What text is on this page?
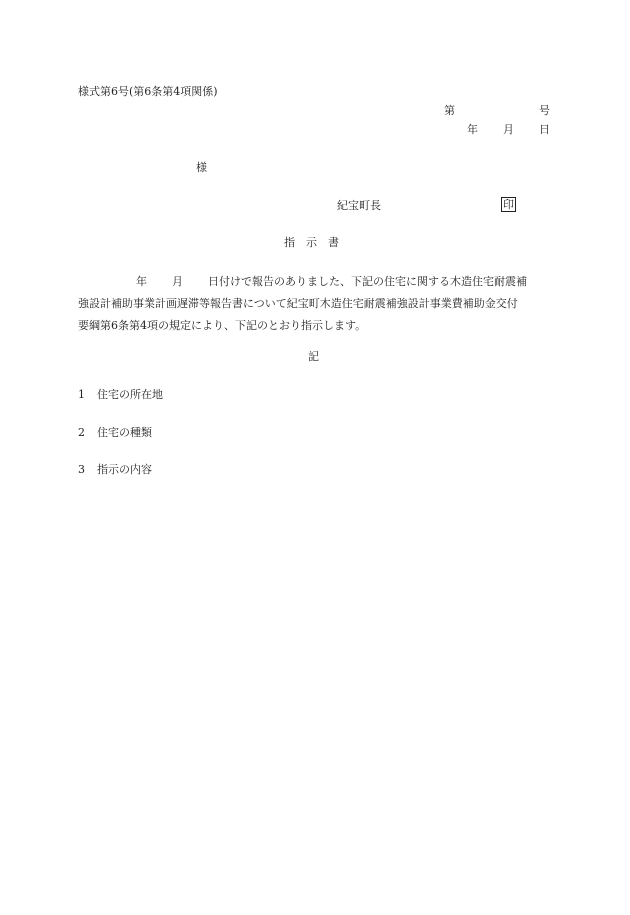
様式第6号(第6条第4項関係)
第	号
年 月 日
様
紀宝町長	印
指　示　書
年 月 日付けで報告のありました、下記の住宅に関する木造住宅耐震補
強設計補助事業計画遅滞等報告書について紀宝町木造住宅耐震補強設計事業費補助金交付
要綱第6条第4項の規定により、下記のとおり指示します。
記
1 住宅の所在地
2 住宅の種類
3 指示の内容
